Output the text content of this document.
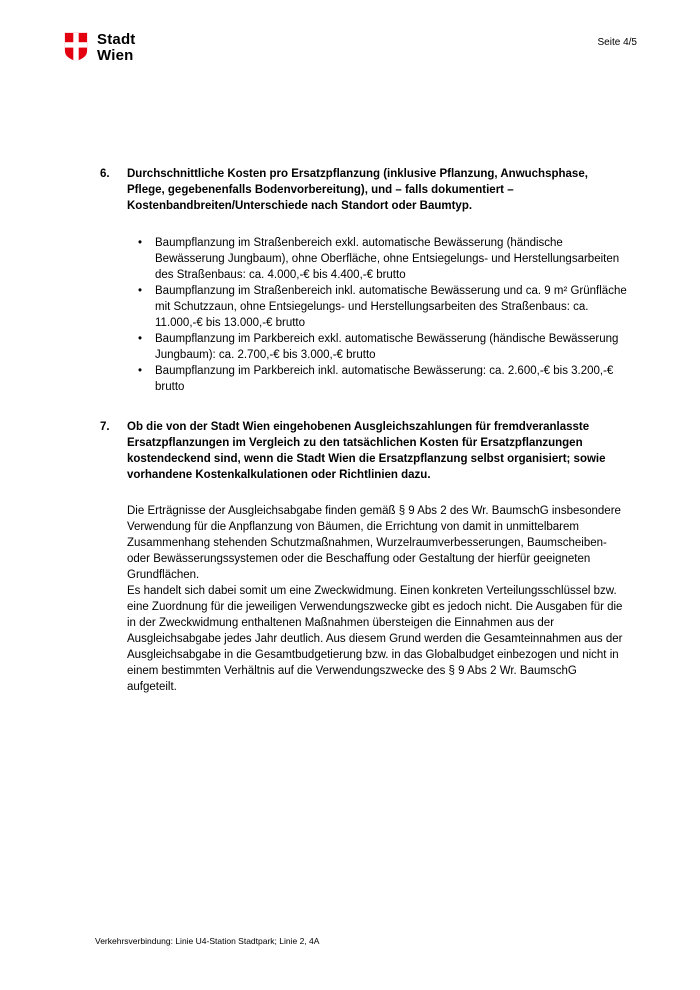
Stadt
Wien
Seite 4/5
6.	Durchschnittliche Kosten pro Ersatzpflanzung (inklusive Pflanzung, Anwuchsphase, Pflege, gegebenenfalls Bodenvorbereitung), und – falls dokumentiert – Kostenbandbreiten/Unterschiede nach Standort oder Baumtyp.

• Baumpflanzung im Straßenbereich exkl. automatische Bewässerung (händische Bewässerung Jungbaum), ohne Oberfläche, ohne Entsiegelungs- und Herstellungsarbeiten des Straßenbaus: ca. 4.000,-€ bis 4.400,-€ brutto
• Baumpflanzung im Straßenbereich inkl. automatische Bewässerung und ca. 9 m² Grünfläche mit Schutzzaun, ohne Entsiegelungs- und Herstellungsarbeiten des Straßenbaus: ca. 11.000,-€ bis 13.000,-€ brutto
• Baumpflanzung im Parkbereich exkl. automatische Bewässerung (händische Bewässerung Jungbaum): ca. 2.700,-€ bis 3.000,-€ brutto
• Baumpflanzung im Parkbereich inkl. automatische Bewässerung: ca. 2.600,-€ bis 3.200,-€ brutto
7.	Ob die von der Stadt Wien eingehobenen Ausgleichszahlungen für fremdveranlasste Ersatzpflanzungen im Vergleich zu den tatsächlichen Kosten für Ersatzpflanzungen kostendeckend sind, wenn die Stadt Wien die Ersatzpflanzung selbst organisiert; sowie vorhandene Kostenkalkulationen oder Richtlinien dazu.

Die Erträgnisse der Ausgleichsabgabe finden gemäß § 9 Abs 2 des Wr. BaumschG insbesondere Verwendung für die Anpflanzung von Bäumen, die Errichtung von damit in unmittelbarem Zusammenhang stehenden Schutzmaßnahmen, Wurzelraumverbesserungen, Baumscheiben- oder Bewässerungssystemen oder die Beschaffung oder Gestaltung der hierfür geeigneten Grundflächen.

Es handelt sich dabei somit um eine Zweckwidmung. Einen konkreten Verteilungsschlüssel bzw. eine Zuordnung für die jeweiligen Verwendungszwecke gibt es jedoch nicht. Die Ausgaben für die in der Zweckwidmung enthaltenen Maßnahmen übersteigen die Einnahmen aus der Ausgleichsabgabe jedes Jahr deutlich. Aus diesem Grund werden die Gesamteinnahmen aus der Ausgleichsabgabe in die Gesamtbudgetierung bzw. in das Globalbudget einbezogen und nicht in einem bestimmten Verhältnis auf die Verwendungszwecke des § 9 Abs 2 Wr. BaumschG aufgeteilt.

Verkehrsverbindung: Linie U4-Station Stadtpark; Linie 2, 4A
